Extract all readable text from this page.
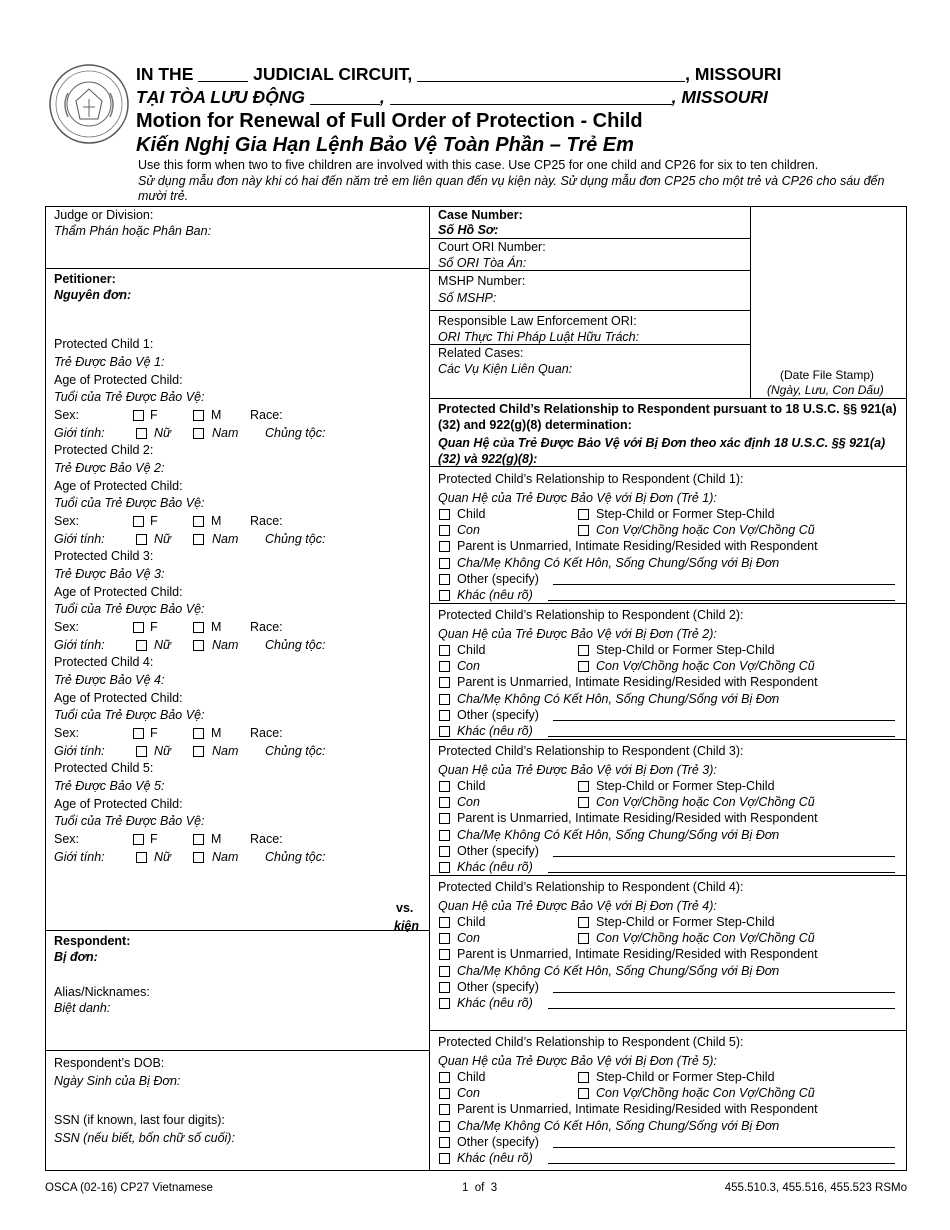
IN THE	JUDICIAL CIRCUIT,	, MISSOURI
TẠI TÒA LƯU ĐỘNG	,	, MISSOURI
Motion for Renewal of Full Order of Protection - Child
Kiến Nghị Gia Hạn Lệnh Bảo Vệ Toàn Phần – Trẻ Em
Use this form when two to five children are involved with this case. Use CP25 for one child and CP26 for six to ten children.
Sử dụng mẫu đơn này khi có hai đến năm trẻ em liên quan đến vụ kiện này. Sử dụng mẫu đơn CP25 cho một trẻ và CP26 cho sáu đến mười trẻ.
Judge or Division:
Thẩm Phán hoặc Phân Ban:
Petitioner:
Nguyên đơn:
Protected Child 1:
Trẻ Được Bảo Vệ 1:
Age of Protected Child:
Tuổi của Trẻ Được Bảo Vệ:
Sex:	F	M Race:
Giới tính:	Nữ	Nam Chủng tộc:
Protected Child 2:
Trẻ Được Bảo Vệ 2:
Age of Protected Child:
Tuổi của Trẻ Được Bảo Vệ:
Sex:	F	M Race:
Giới tính:	Nữ	Nam Chủng tộc:
Protected Child 3:
Trẻ Được Bảo Vệ 3:
Age of Protected Child:
Tuổi của Trẻ Được Bảo Vệ:
Sex:	F	M Race:
Giới tính:	Nữ	Nam Chủng tộc:
Protected Child 4:
Trẻ Được Bảo Vệ 4:
Age of Protected Child:
Tuổi của Trẻ Được Bảo Vệ:
Sex:	F	M Race:
Giới tính:	Nữ	Nam Chủng tộc:
Protected Child 5:
Trẻ Được Bảo Vệ 5:
Age of Protected Child:
Tuổi của Trẻ Được Bảo Vệ:
Sex:	F	M Race:
Giới tính:	Nữ	Nam Chủng tộc:
vs.
kiện
Respondent:
Bị đơn:
Alias/Nicknames:
Biệt danh:
Respondent’s DOB:
Ngày Sinh của Bị Đơn:
SSN (if known, last four digits):
SSN (nếu biết, bốn chữ số cuối):
Case Number:
Số Hồ Sơ:
Court ORI Number:
Số ORI Tòa Án:
MSHP Number:
Số MSHP:
Responsible Law Enforcement ORI:
ORI Thực Thi Pháp Luật Hữu Trách:
Related Cases:
Các Vụ Kiện Liên Quan:	(Date File Stamp)
(Ngày, Lưu, Con Dấu)
Protected Child’s Relationship to Respondent pursuant to 18 U.S.C. §§ 921(a)(32) and 922(g)(8) determination:
Quan Hệ của Trẻ Được Bảo Vệ với Bị Đơn theo xác định 18 U.S.C. §§ 921(a)(32) và 922(g)(8):
Protected Child’s Relationship to Respondent (Child 1):
Quan Hệ của Trẻ Được Bảo Vệ với Bị Đơn (Trẻ 1):
Child	Step-Child or Former Step-Child
Con	Con Vợ/Chồng hoặc Con Vợ/Chồng Cũ
Parent is Unmarried, Intimate Residing/Resided with Respondent
Cha/Mẹ Không Có Kết Hôn, Sống Chung/Sống với Bị Đơn
Other (specify)
Khác (nêu rõ)
Protected Child’s Relationship to Respondent (Child 2):
Quan Hệ của Trẻ Được Bảo Vệ với Bị Đơn (Trẻ 2):
Child	Step-Child or Former Step-Child
Con	Con Vợ/Chồng hoặc Con Vợ/Chồng Cũ
Parent is Unmarried, Intimate Residing/Resided with Respondent
Cha/Mẹ Không Có Kết Hôn, Sống Chung/Sống với Bị Đơn
Other (specify)
Khác (nêu rõ)
Protected Child’s Relationship to Respondent (Child 3):
Quan Hệ của Trẻ Được Bảo Vệ với Bị Đơn (Trẻ 3):
Child	Step-Child or Former Step-Child
Con	Con Vợ/Chồng hoặc Con Vợ/Chồng Cũ
Parent is Unmarried, Intimate Residing/Resided with Respondent
Cha/Mẹ Không Có Kết Hôn, Sống Chung/Sống với Bị Đơn
Other (specify)
Khác (nêu rõ)
Protected Child’s Relationship to Respondent (Child 4):
Quan Hệ của Trẻ Được Bảo Vệ với Bị Đơn (Trẻ 4):
Child	Step-Child or Former Step-Child
Con	Con Vợ/Chồng hoặc Con Vợ/Chồng Cũ
Parent is Unmarried, Intimate Residing/Resided with Respondent
Cha/Mẹ Không Có Kết Hôn, Sống Chung/Sống với Bị Đơn
Other (specify)
Khác (nêu rõ)
Protected Child’s Relationship to Respondent (Child 5):
Quan Hệ của Trẻ Được Bảo Vệ với Bị Đơn (Trẻ 5):
Child	Step-Child or Former Step-Child
Con	Con Vợ/Chồng hoặc Con Vợ/Chồng Cũ
Parent is Unmarried, Intimate Residing/Resided with Respondent
Cha/Mẹ Không Có Kết Hôn, Sống Chung/Sống với Bị Đơn
Other (specify)
Khác (nêu rõ)
OSCA (02-16) CP27 Vietnamese	1  of  3	455.510.3, 455.516, 455.523 RSMo
